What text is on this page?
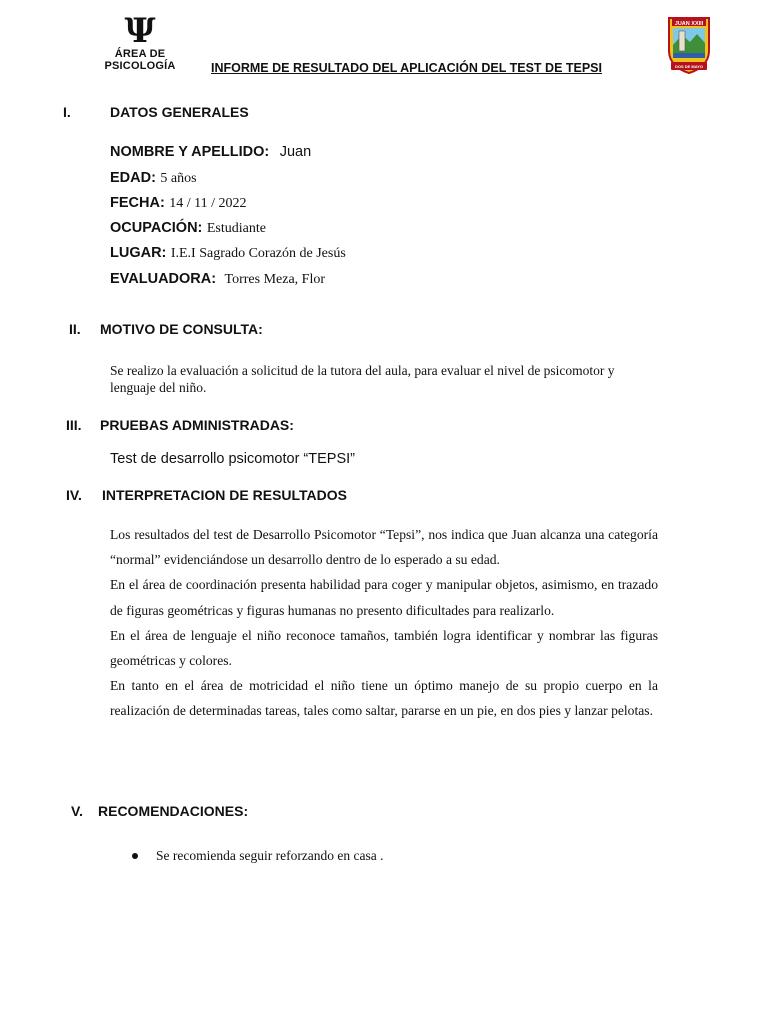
Ψ
ÁREA DE
PSICOLOGÍA	INFORME DE RESULTADO DEL APLICACIÓN DEL TEST DE TEPSI
JUAN XXIII
DOS DE MAYO
I.	DATOS GENERALES
NOMBRE Y APELLIDO: Juan
EDAD: 5 años
FECHA: 14 / 11 / 2022
OCUPACIÓN: Estudiante
LUGAR: I.E.I Sagrado Corazón de Jesús
EVALUADORA: Torres Meza, Flor
II. MOTIVO DE CONSULTA:
Se realizo la evaluación a solicitud de la tutora del aula, para evaluar el nivel de psicomotor y lenguaje del niño.
III. PRUEBAS ADMINISTRADAS:
Test de desarrollo psicomotor “TEPSI”
IV. INTERPRETACION DE RESULTADOS

Los resultados del test de Desarrollo Psicomotor “Tepsi”, nos indica que Juan alcanza una categoría “normal” evidenciándose un desarrollo dentro de lo esperado a su edad.

En el área de coordinación presenta habilidad para coger y manipular objetos, asimismo, en trazado de figuras geométricas y figuras humanas no presento dificultades para realizarlo.

En el área de lenguaje el niño reconoce tamaños, también logra identificar y nombrar las figuras geométricas y colores.

En tanto en el área de motricidad el niño tiene un óptimo manejo de su propio cuerpo en la realización de determinadas tareas, tales como saltar, pararse en un pie, en dos pies y lanzar pelotas.

V. RECOMENDACIONES:
Se recomienda seguir reforzando en casa .
